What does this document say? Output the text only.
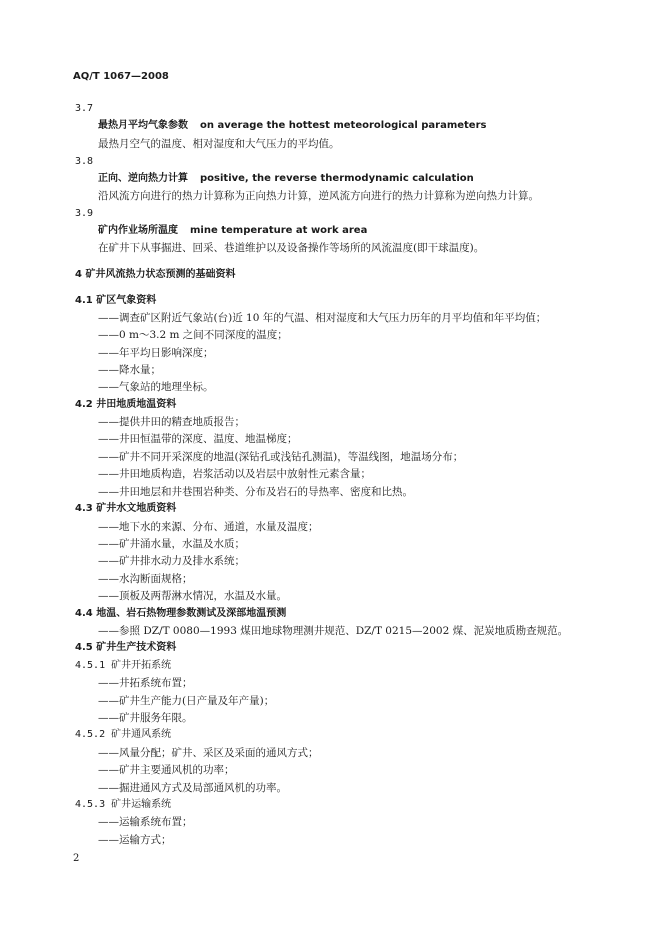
AQ/T 1067—2008
3.7
最热月平均气象参数 on average the hottest meteorological parameters
最热月空气的温度、相对湿度和大气压力的平均值。
3.8
正向、逆向热力计算 positive, the reverse thermodynamic calculation
沿风流方向进行的热力计算称为正向热力计算，逆风流方向进行的热力计算称为逆向热力计算。
3.9
矿内作业场所温度 mine temperature at work area
在矿井下从事掘进、回采、巷道维护以及设备操作等场所的风流温度(即干球温度)。
4 矿井风流热力状态预测的基础资料
4.1 矿区气象资料
——调查矿区附近气象站(台)近 10 年的气温、相对湿度和大气压力历年的月平均值和年平均值；
——0 m～3.2 m 之间不同深度的温度；
——年平均日影响深度；
——降水量；
——气象站的地理坐标。
4.2 井田地质地温资料
——提供井田的精查地质报告；
——井田恒温带的深度、温度、地温梯度；
——矿井不同开采深度的地温(深钻孔或浅钻孔测温)，等温线图，地温场分布；
——井田地质构造，岩浆活动以及岩层中放射性元素含量；
——井田地层和井巷围岩种类、分布及岩石的导热率、密度和比热。
4.3 矿井水文地质资料
——地下水的来源、分布、通道，水量及温度；
——矿井涌水量，水温及水质；
——矿井排水动力及排水系统；
——水沟断面规格；
——顶板及两帮淋水情况，水温及水量。
4.4 地温、岩石热物理参数测试及深部地温预测
——参照 DZ/T 0080—1993 煤田地球物理测井规范、DZ/T 0215—2002 煤、泥炭地质勘查规范。
4.5 矿井生产技术资料
4.5.1 矿井开拓系统
——井拓系统布置；
——矿井生产能力(日产量及年产量)；
——矿井服务年限。
4.5.2 矿井通风系统
——风量分配；矿井、采区及采面的通风方式；
——矿井主要通风机的功率；
——掘进通风方式及局部通风机的功率。
4.5.3 矿井运输系统
——运输系统布置；
——运输方式；
2
